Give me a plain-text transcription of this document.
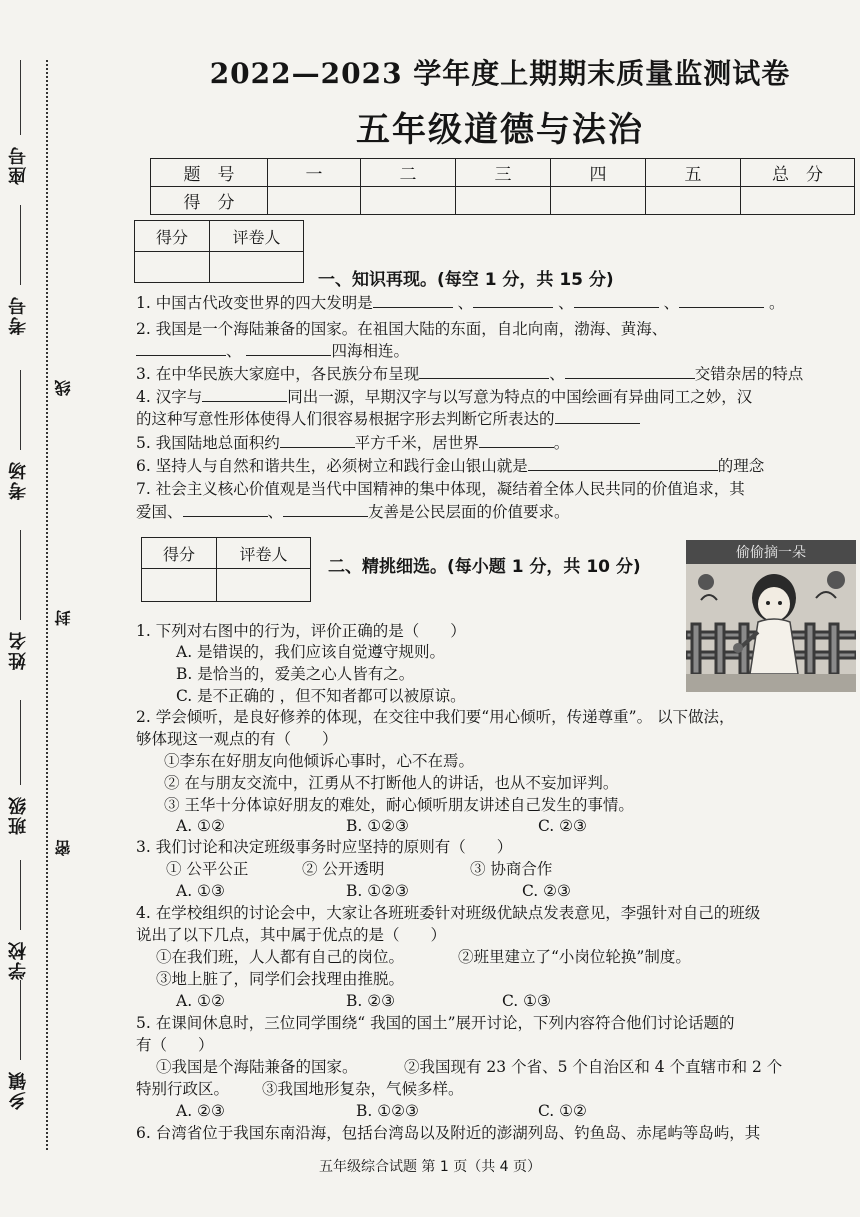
座号
考号
考场
姓名
班级
学校
乡镇
线
封
密
2022—2023 学年度上期期末质量监测试卷
五年级道德与法治
题　号	一	二	三	四	五	总　分
得　分						
得分	评卷人

一、知识再现。(每空 1 分，共 15 分)
1. 中国古代改变世界的四大发明是	、	、	、	。
2. 我国是一个海陆兼备的国家。在祖国大陆的东面，自北向南，渤海、黄海、
、	四海相连。
3. 在中华民族大家庭中，各民族分布呈现	、	交错杂居的特点
4. 汉字与	同出一源，早期汉字与以写意为特点的中国绘画有异曲同工之妙，汉
的这种写意性形体使得人们很容易根据字形去判断它所表达的
5. 我国陆地总面积约	平方千米，居世界	。
6. 坚持人与自然和谐共生，必须树立和践行金山银山就是	的理念
7. 社会主义核心价值观是当代中国精神的集中体现，凝结着全体人民共同的价值追求，其
爱国、	、	友善是公民层面的价值要求。
得分	评卷人

二、精挑细选。(每小题 1 分，共 10 分)
偷偷摘一朵
1. 下列对右图中的行为，评价正确的是（　　）
A. 是错误的，我们应该自觉遵守规则。
B. 是恰当的，爱美之心人皆有之。
C. 是不正确的 ，但不知者都可以被原谅。
2. 学会倾听，是良好修养的体现，在交往中我们要“用心倾听，传递尊重”。 以下做法，
够体现这一观点的有（　　）
①李东在好朋友向他倾诉心事时，心不在焉。
② 在与朋友交流中，江勇从不打断他人的讲话，也从不妄加评判。
③ 王华十分体谅好朋友的难处，耐心倾听朋友讲述自己发生的事情。
A. ①②	B. ①②③	C. ②③
3. 我们讨论和决定班级事务时应坚持的原则有（　　）
① 公平公正	② 公开透明	③ 协商合作
A. ①③	B. ①②③	C. ②③
4. 在学校组织的讨论会中，大家让各班班委针对班级优缺点发表意见，李强针对自己的班级
说出了以下几点，其中属于优点的是（　　）
①在我们班，人人都有自己的岗位。	②班里建立了“小岗位轮换”制度。
③地上脏了，同学们会找理由推脱。
A. ①②	B. ②③	C. ①③
5. 在课间休息时，三位同学围绕“ 我国的国土”展开讨论，下列内容符合他们讨论话题的
有（　　）
①我国是个海陆兼备的国家。	②我国现有 23 个省、5 个自治区和 4 个直辖市和 2 个
特别行政区。 ③我国地形复杂，气候多样。
A. ②③	B. ①②③	C. ①②
6. 台湾省位于我国东南沿海，包括台湾岛以及附近的澎湖列岛、钓鱼岛、赤尾屿等岛屿，其
五年级综合试题 第 1 页（共 4 页）
